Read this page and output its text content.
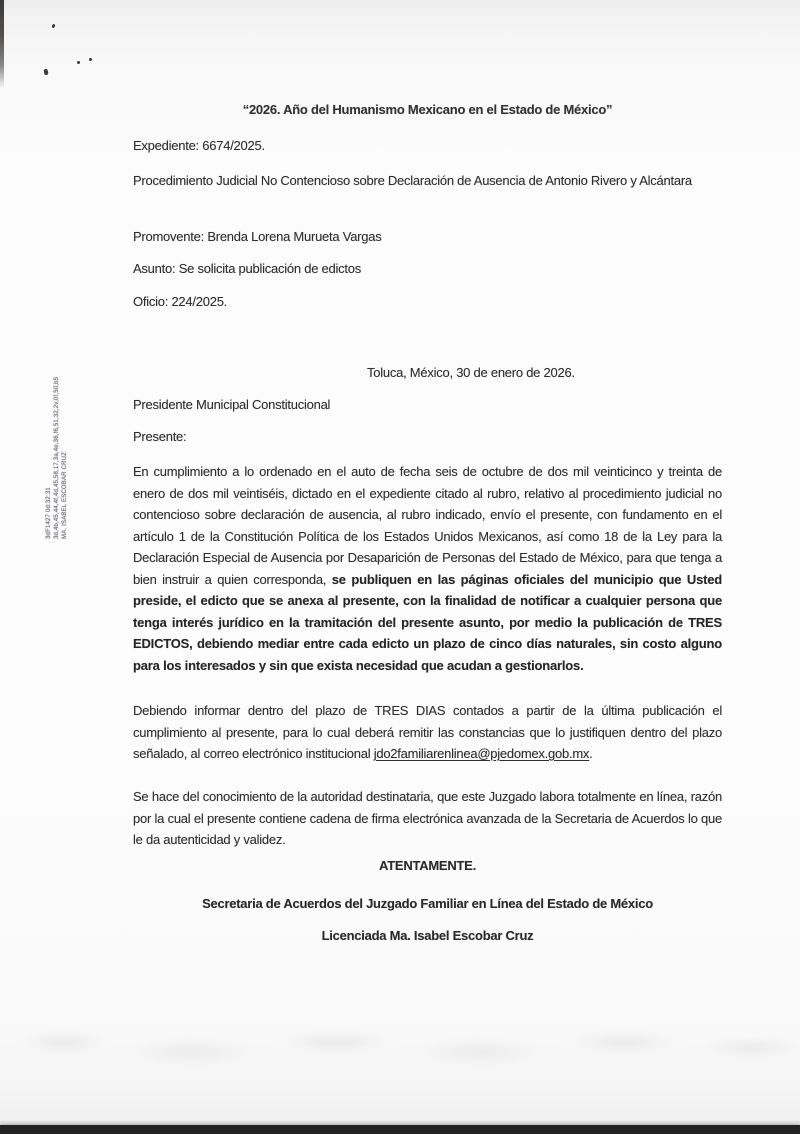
3dF1427 0d:32:31 3d,4b,45,44,4f,4d,45,58,17,3a,4e,36,f6,51,32,2v,0f,50,b5 MA. ISABEL ESCOBAR CRUZ
“2026. Año del Humanismo Mexicano en el Estado de México”
Expediente: 6674/2025.
Procedimiento Judicial No Contencioso sobre Declaración de Ausencia de Antonio Rivero y Alcántara
Promovente: Brenda Lorena Murueta Vargas
Asunto: Se solicita publicación de edictos
Oficio: 224/2025.
Toluca, México, 30 de enero de 2026.
Presidente Municipal Constitucional
Presente:

En cumplimiento a lo ordenado en el auto de fecha seis de octubre de dos mil veinticinco y treinta de enero de dos mil veintiséis, dictado en el expediente citado al rubro, relativo al procedimiento judicial no contencioso sobre declaración de ausencia, al rubro indicado, envío el presente, con fundamento en el artículo 1 de la Constitución Política de los Estados Unidos Mexicanos, así como 18 de la Ley para la Declaración Especial de Ausencia por Desaparición de Personas del Estado de México, para que tenga a bien instruir a quien corresponda, se publiquen en las páginas oficiales del municipio que Usted preside, el edicto que se anexa al presente, con la finalidad de notificar a cualquier persona que tenga interés jurídico en la tramitación del presente asunto, por medio la publicación de TRES EDICTOS, debiendo mediar entre cada edicto un plazo de cinco días naturales, sin costo alguno para los interesados y sin que exista necesidad que acudan a gestionarlos.

Debiendo informar dentro del plazo de TRES DIAS contados a partir de la última publicación el cumplimiento al presente, para lo cual deberá remitir las constancias que lo justifiquen dentro del plazo señalado, al correo electrónico institucional jdo2familiarenlinea@pjedomex.gob.mx.

Se hace del conocimiento de la autoridad destinataria, que este Juzgado labora totalmente en línea, razón por la cual el presente contiene cadena de firma electrónica avanzada de la Secretaria de Acuerdos lo que le da autenticidad y validez.

ATENTAMENTE.
Secretaria de Acuerdos del Juzgado Familiar en Línea del Estado de México
Licenciada Ma. Isabel Escobar Cruz
